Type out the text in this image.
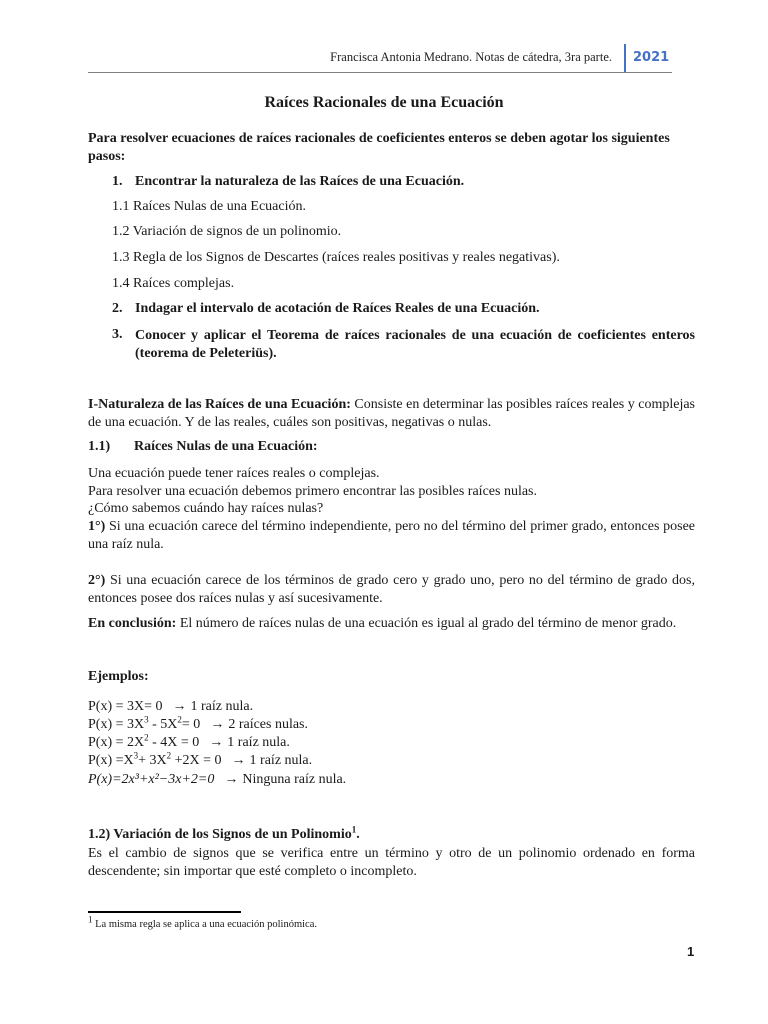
Francisca Antonia Medrano. Notas de cátedra, 3ra parte. 2021
Raíces Racionales de una Ecuación
Para resolver ecuaciones de raíces racionales de coeficientes enteros se deben agotar los siguientes pasos:
1. Encontrar la naturaleza de las Raíces de una Ecuación.
1.1 Raíces Nulas de una Ecuación.
1.2 Variación de signos de un polinomio.
1.3 Regla de los Signos de Descartes (raíces reales positivas y reales negativas).
1.4 Raíces complejas.
2. Indagar el intervalo de acotación de Raíces Reales de una Ecuación.
3. Conocer y aplicar el Teorema de raíces racionales de una ecuación de coeficientes enteros (teorema de Peleteriüs).
I-Naturaleza de las Raíces de una Ecuación: Consiste en determinar las posibles raíces reales y complejas de una ecuación. Y de las reales, cuáles son positivas, negativas o nulas.
1.1) Raíces Nulas de una Ecuación:
Una ecuación puede tener raíces reales o complejas.
Para resolver una ecuación debemos primero encontrar las posibles raíces nulas.
¿Cómo sabemos cuándo hay raíces nulas?
1°) Si una ecuación carece del término independiente, pero no del término del primer grado, entonces posee una raíz nula.
2°) Si una ecuación carece de los términos de grado cero y grado uno, pero no del término de grado dos, entonces posee dos raíces nulas y así sucesivamente.
En conclusión: El número de raíces nulas de una ecuación es igual al grado del término de menor grado.
Ejemplos:
P(x) = 3X= 0 → 1 raíz nula.
$P(x) = 3X^3 - 5X^2= 0 \to 2$ raíces nulas.
$P(x) = 2X^2 - 4X = 0 \to 1$ raíz nula.
$P(x) =X^3+ 3X^2 +2X = 0 \to 1$ raíz nula.
P(x)=2x³+x²−3x+2=0 → Ninguna raíz nula.
1.2) Variación de los Signos de un Polinomio$^1$.
Es el cambio de signos que se verifica entre un término y otro de un polinomio ordenado en forma descendente; sin importar que esté completo o incompleto.
$^1$ La misma regla se aplica a una ecuación polinómica.
1
